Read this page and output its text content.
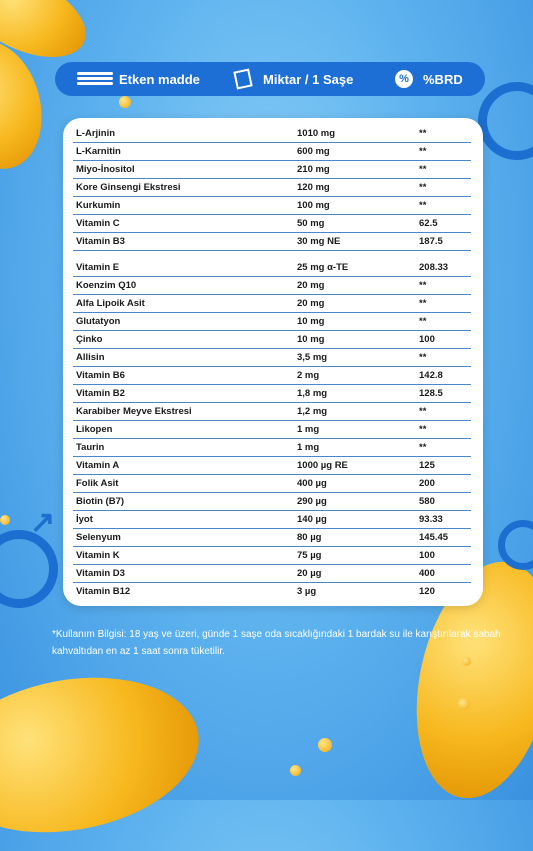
↗
Etken madde	Miktar / 1 Saşe	%	%BRD
L-Arjinin	1010 mg	**
L-Karnitin	600 mg	**
Miyo-İnositol	210 mg	**
Kore Ginsengi Ekstresi	120 mg	**
Kurkumin	100 mg	**
Vitamin C	50 mg	62.5
Vitamin B3	30 mg NE	187.5
Vitamin E	25 mg α-TE	208.33
Koenzim Q10	20 mg	**
Alfa Lipoik Asit	20 mg	**
Glutatyon	10 mg	**
Çinko	10 mg	100
Allisin	3,5 mg	**
Vitamin B6	2 mg	142.8
Vitamin B2	1,8 mg	128.5
Karabiber Meyve Ekstresi	1,2 mg	**
Likopen	1 mg	**
Taurin	1 mg	**
Vitamin A	1000 µg RE	125
Folik Asit	400 µg	200
Biotin (B7)	290 µg	580
İyot	140 µg	93.33
Selenyum	80 µg	145.45
Vitamin K	75 µg	100
Vitamin D3	20 µg	400
Vitamin B12	3 µg	120
*Kullanım Bilgisi: 18 yaş ve üzeri, günde 1 saşe oda sıcaklığındaki 1 bardak su ile karıştırılarak sabah kahvaltıdan en az 1 saat sonra tüketilir.
